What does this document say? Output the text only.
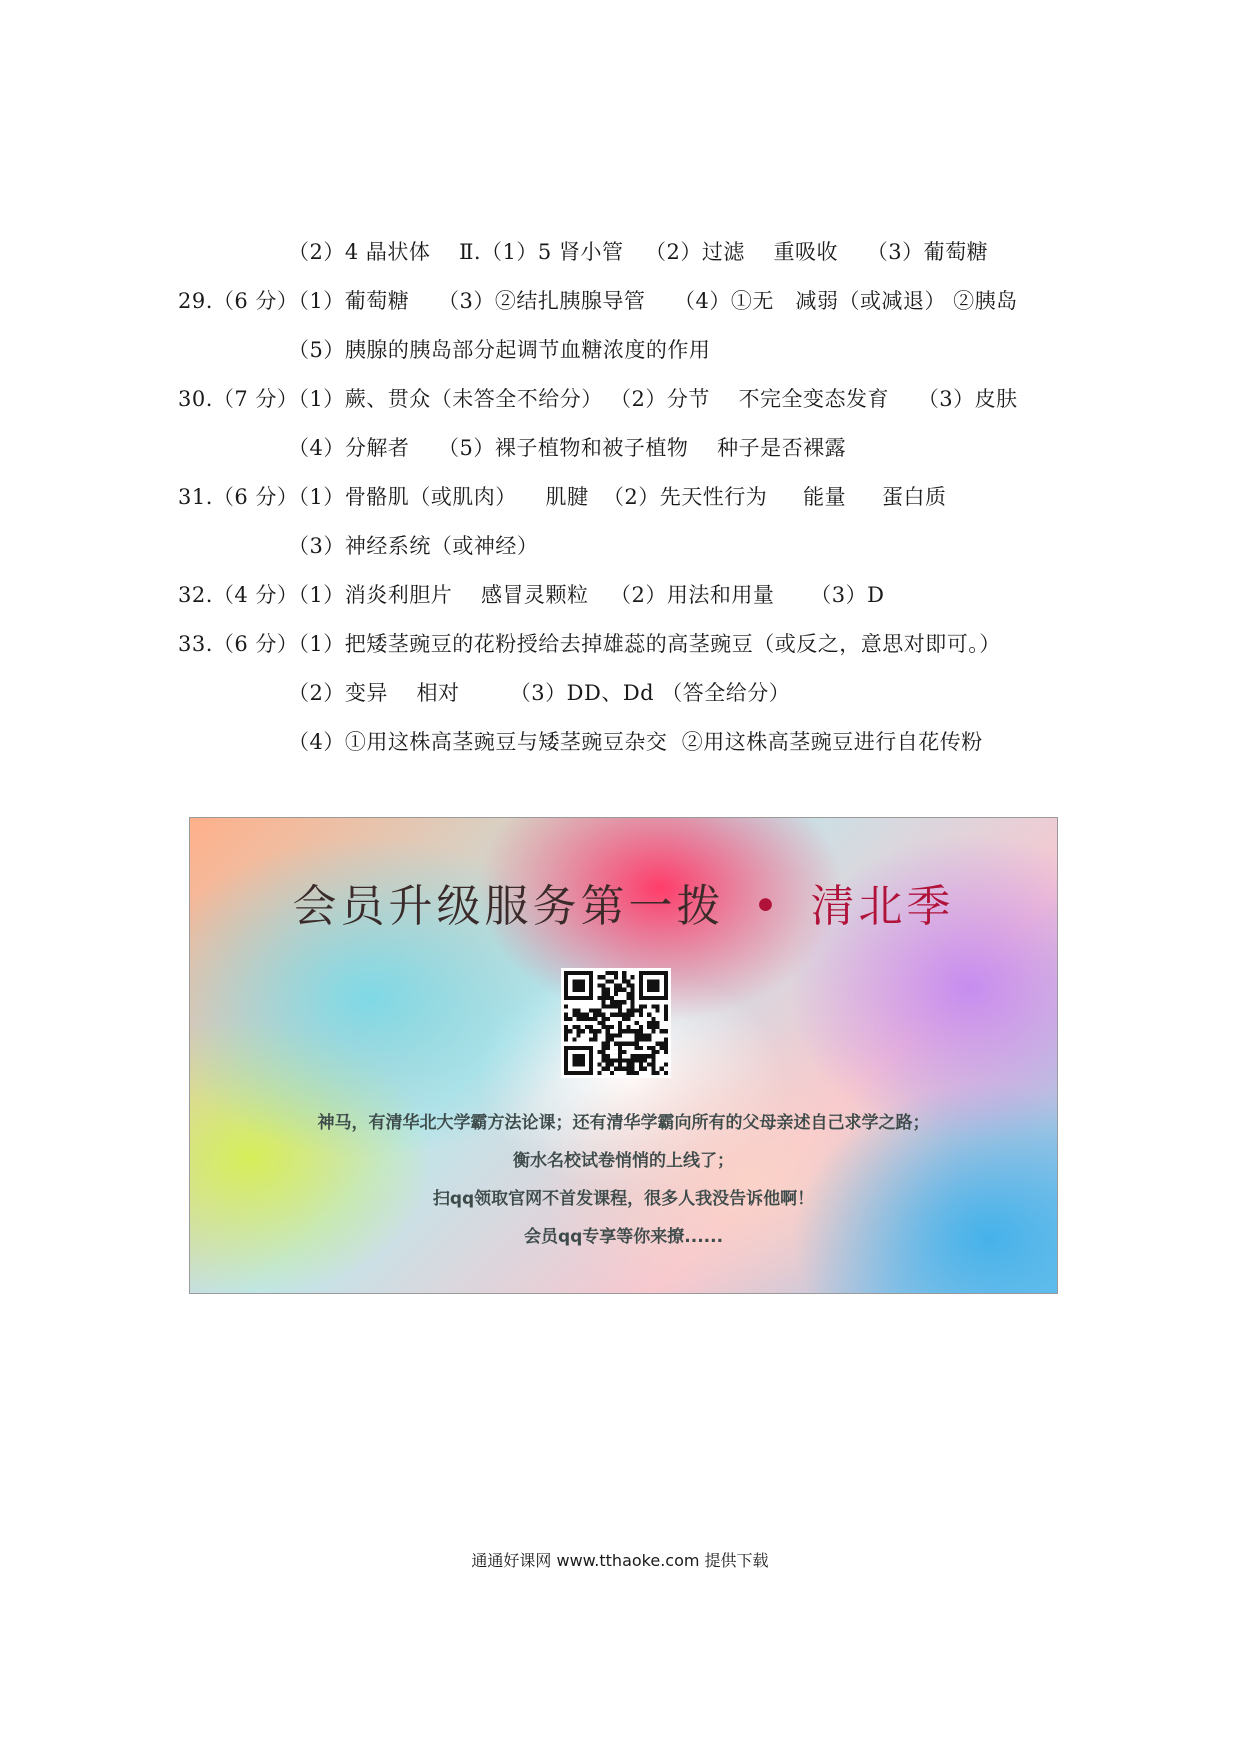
（2）4 晶状体    Ⅱ.（1）5 肾小管   （2）过滤    重吸收    （3）葡萄糖
29.（6 分）（1）葡萄糖    （3）②结扎胰腺导管    （4）①无   减弱（或减退） ②胰岛
（5）胰腺的胰岛部分起调节血糖浓度的作用
30.（7 分）（1）蕨、贯众（未答全不给分） （2）分节    不完全变态发育    （3）皮肤
（4）分解者    （5）裸子植物和被子植物    种子是否裸露
31.（6 分）（1）骨骼肌（或肌肉）    肌腱  （2）先天性行为     能量     蛋白质
（3）神经系统（或神经）
32.（4 分）（1）消炎利胆片    感冒灵颗粒   （2）用法和用量     （3）D
33.（6 分）（1）把矮茎豌豆的花粉授给去掉雄蕊的高茎豌豆（或反之，意思对即可。）
（2）变异    相对       （3）DD、Dd （答全给分）
（4）①用这株高茎豌豆与矮茎豌豆杂交  ②用这株高茎豌豆进行自花传粉
会员升级服务第一拨 • 清北季
神马，有清华北大学霸方法论课；还有清华学霸向所有的父母亲述自己求学之路；
衡水名校试卷悄悄的上线了；
扫qq领取官网不首发课程，很多人我没告诉他啊！
会员qq专享等你来撩......
通通好课网 www.tthaoke.com 提供下载
